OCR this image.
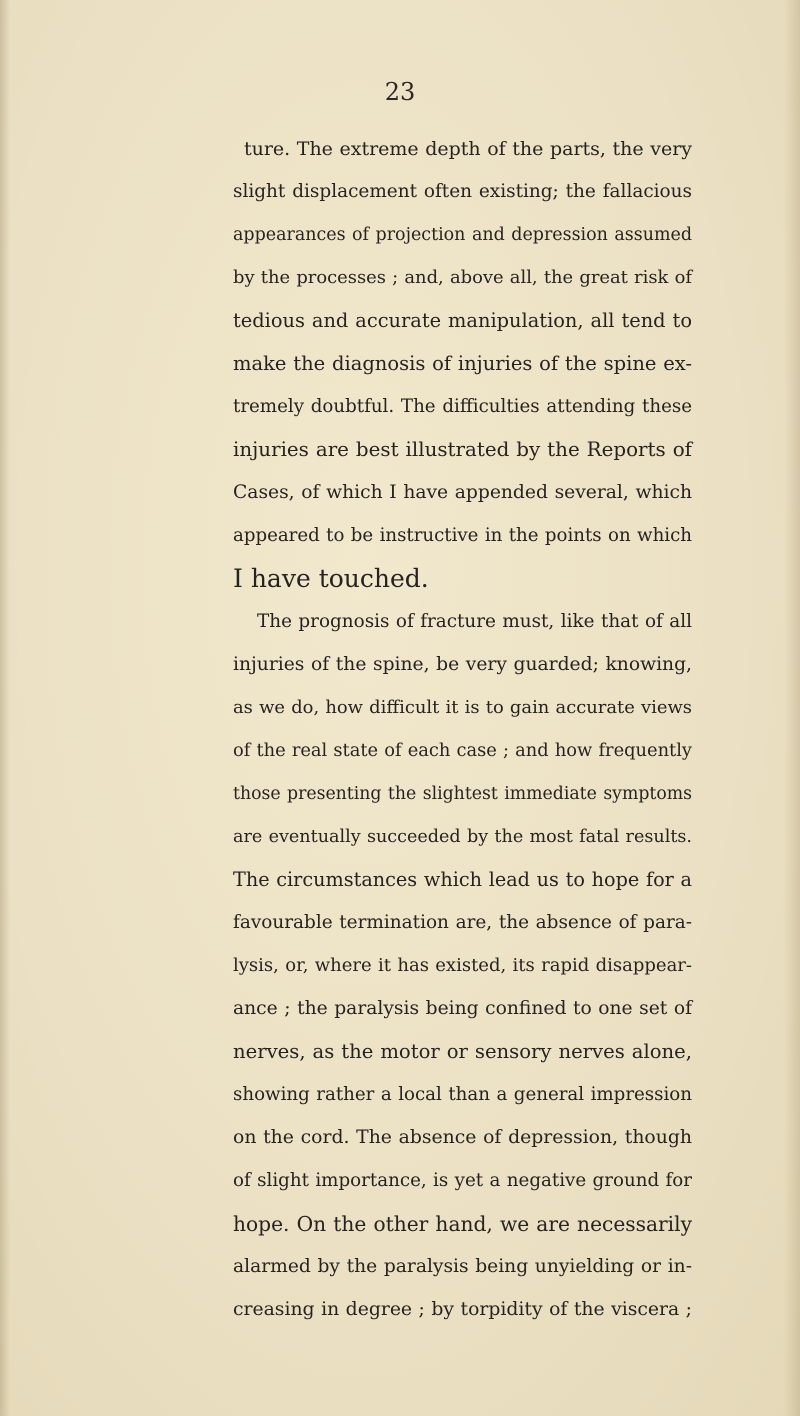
23
ture. The extreme depth of the parts, the very
slight displacement often existing; the fallacious
appearances of projection and depression assumed
by the processes ; and, above all, the great risk of
tedious and accurate manipulation, all tend to
make the diagnosis of injuries of the spine ex-
tremely doubtful. The difficulties attending these
injuries are best illustrated by the Reports of
Cases, of which I have appended several, which
appeared to be instructive in the points on which
I have touched.
The prognosis of fracture must, like that of all
injuries of the spine, be very guarded; knowing,
as we do, how difficult it is to gain accurate views
of the real state of each case ; and how frequently
those presenting the slightest immediate symptoms
are eventually succeeded by the most fatal results.
The circumstances which lead us to hope for a
favourable termination are, the absence of para-
lysis, or, where it has existed, its rapid disappear-
ance ; the paralysis being confined to one set of
nerves, as the motor or sensory nerves alone,
showing rather a local than a general impression
on the cord. The absence of depression, though
of slight importance, is yet a negative ground for
hope. On the other hand, we are necessarily
alarmed by the paralysis being unyielding or in-
creasing in degree ; by torpidity of the viscera ;
